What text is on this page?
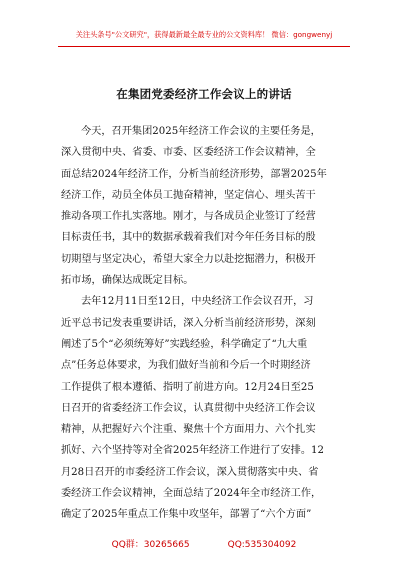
关注头条号"公文研究"，获得最新最全最专业的公文资料库！ 微信：gongwenyj
在集团党委经济工作会议上的讲话
今天，召开集团2025年经济工作会议的主要任务是，
深入贯彻中央、省委、市委、区委经济工作会议精神，全
面总结2024年经济工作，分析当前经济形势，部署2025年
经济工作，动员全体员工抛奋精神，坚定信心、埋头苦干
推动各项工作扎实落地。刚才，与各成员企业签订了经营
目标责任书，其中的数据承载着我们对今年任务目标的殷
切期望与坚定决心，希望大家全力以赴挖掘潜力，积极开
拓市场，确保达成既定目标。
去年12月11日至12日，中央经济工作会议召开，习
近平总书记发表重要讲话，深入分析当前经济形势，深刻
阐述了5个“必须统筹好”实践经验，科学确定了“九大重
点”任务总体要求，为我们做好当前和今后一个时期经济
工作提供了根本遵循、指明了前进方向。12月24日至25
日召开的省委经济工作会议，认真贯彻中央经济工作会议
精神，从把握好六个注重、聚焦十个方面用力、六个扎实
抓好、六个坚持等对全省2025年经济工作进行了安排。12
月28日召开的市委经济工作会议，深入贯彻落实中央、省
委经济工作会议精神，全面总结了2024年全市经济工作，
确定了2025年重点工作集中攻坚年，部署了“六个方面”
QQ群：30265665	QQ:535304092
